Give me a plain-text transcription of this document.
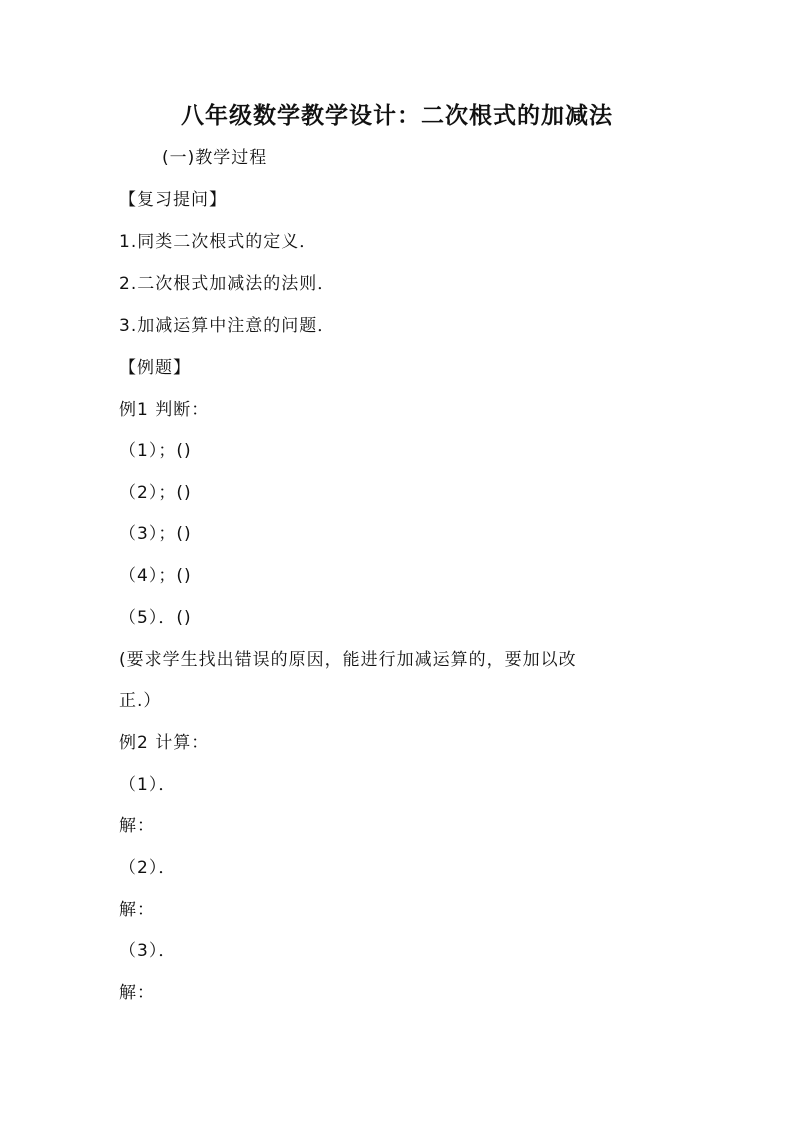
八年级数学教学设计：二次根式的加减法

(一)教学过程

【复习提问】

1.同类二次根式的定义．

2.二次根式加减法的法则．

3.加减运算中注意的问题．

【例题】

例1 判断：

（1）；()

（2）；()

（3）；()

（4）；()

（5）．()

(要求学生找出错误的原因，能进行加减运算的，要加以改

正.）

例2 计算：

（1）．

解：

（2）．

解：

（3）．

解：
